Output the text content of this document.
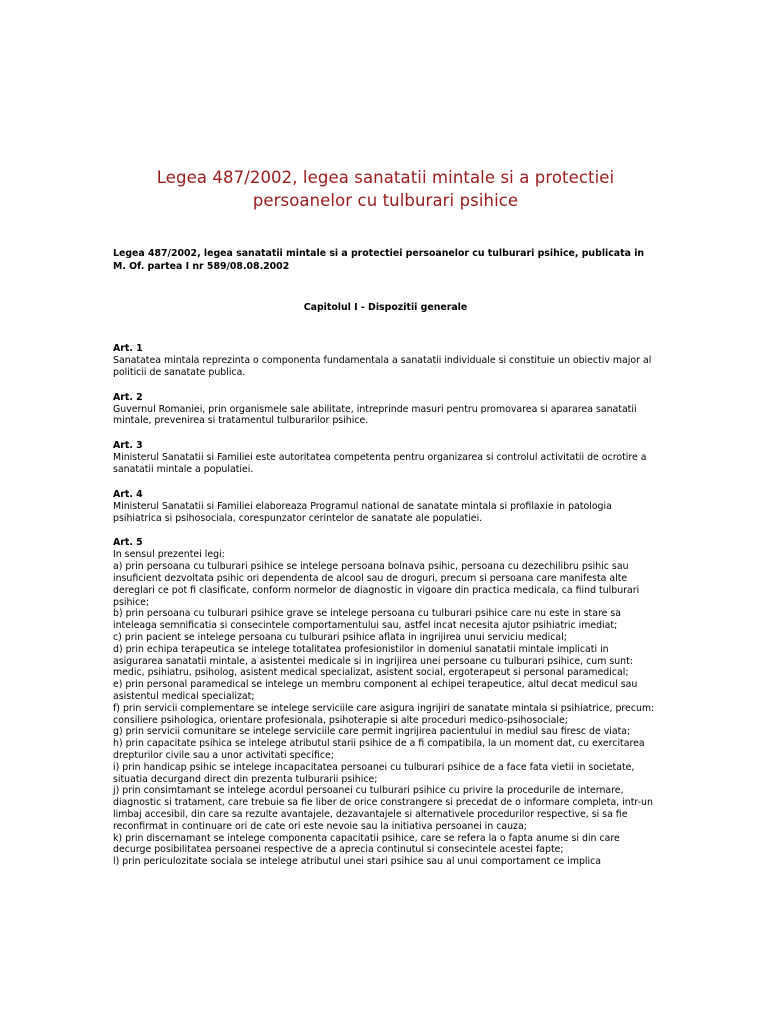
Legea 487/2002, legea sanatatii mintale si a protectiei persoanelor cu tulburari psihice
Legea 487/2002, legea sanatatii mintale si a protectiei persoanelor cu tulburari psihice, publicata in M. Of. partea I nr 589/08.08.2002
Capitolul I - Dispozitii generale
Art. 1

Sanatatea mintala reprezinta o componenta fundamentala a sanatatii individuale si constituie un obiectiv major al politicii de sanatate publica.

Art. 2

Guvernul Romaniei, prin organismele sale abilitate, intreprinde masuri pentru promovarea si apararea sanatatii mintale, prevenirea si tratamentul tulburarilor psihice.

Art. 3

Ministerul Sanatatii si Familiei este autoritatea competenta pentru organizarea si controlul activitatii de ocrotire a sanatatii mintale a populatiei.

Art. 4

Ministerul Sanatatii si Familiei elaboreaza Programul national de sanatate mintala si profilaxie in patologia psihiatrica si psihosociala, corespunzator cerintelor de sanatate ale populatiei.

Art. 5

In sensul prezentei legi:

a) prin persoana cu tulburari psihice se intelege persoana bolnava psihic, persoana cu dezechilibru psihic sau insuficient dezvoltata psihic ori dependenta de alcool sau de droguri, precum si persoana care manifesta alte dereglari ce pot fi clasificate, conform normelor de diagnostic in vigoare din practica medicala, ca fiind tulburari psihice;

b) prin persoana cu tulburari psihice grave se intelege persoana cu tulburari psihice care nu este in stare sa inteleaga semnificatia si consecintele comportamentului sau, astfel incat necesita ajutor psihiatric imediat;

c) prin pacient se intelege persoana cu tulburari psihice aflata in ingrijirea unui serviciu medical;

d) prin echipa terapeutica se intelege totalitatea profesionistilor in domeniul sanatatii mintale implicati in asigurarea sanatatii mintale, a asistentei medicale si in ingrijirea unei persoane cu tulburari psihice, cum sunt: medic, psihiatru, psiholog, asistent medical specializat, asistent social, ergoterapeut si personal paramedical;

e) prin personal paramedical se intelege un membru component al echipei terapeutice, altul decat medicul sau asistentul medical specializat;

f) prin servicii complementare se intelege serviciile care asigura ingrijiri de sanatate mintala si psihiatrice, precum: consiliere psihologica, orientare profesionala, psihoterapie si alte proceduri medico-psihosociale;

g) prin servicii comunitare se intelege serviciile care permit ingrijirea pacientului in mediul sau firesc de viata;

h) prin capacitate psihica se intelege atributul starii psihice de a fi compatibila, la un moment dat, cu exercitarea drepturilor civile sau a unor activitati specifice;

i) prin handicap psihic se intelege incapacitatea persoanei cu tulburari psihice de a face fata vietii in societate, situatia decurgand direct din prezenta tulburarii psihice;

j) prin consimtamant se intelege acordul persoanei cu tulburari psihice cu privire la procedurile de internare, diagnostic si tratament, care trebuie sa fie liber de orice constrangere si precedat de o informare completa, intr-un limbaj accesibil, din care sa rezulte avantajele, dezavantajele si alternativele procedurilor respective, si sa fie reconfirmat in continuare ori de cate ori este nevoie sau la initiativa persoanei in cauza;

k) prin discernamant se intelege componenta capacitatii psihice, care se refera la o fapta anume si din care decurge posibilitatea persoanei respective de a aprecia continutul si consecintele acestei fapte;

l) prin periculozitate sociala se intelege atributul unei stari psihice sau al unui comportament ce implica
